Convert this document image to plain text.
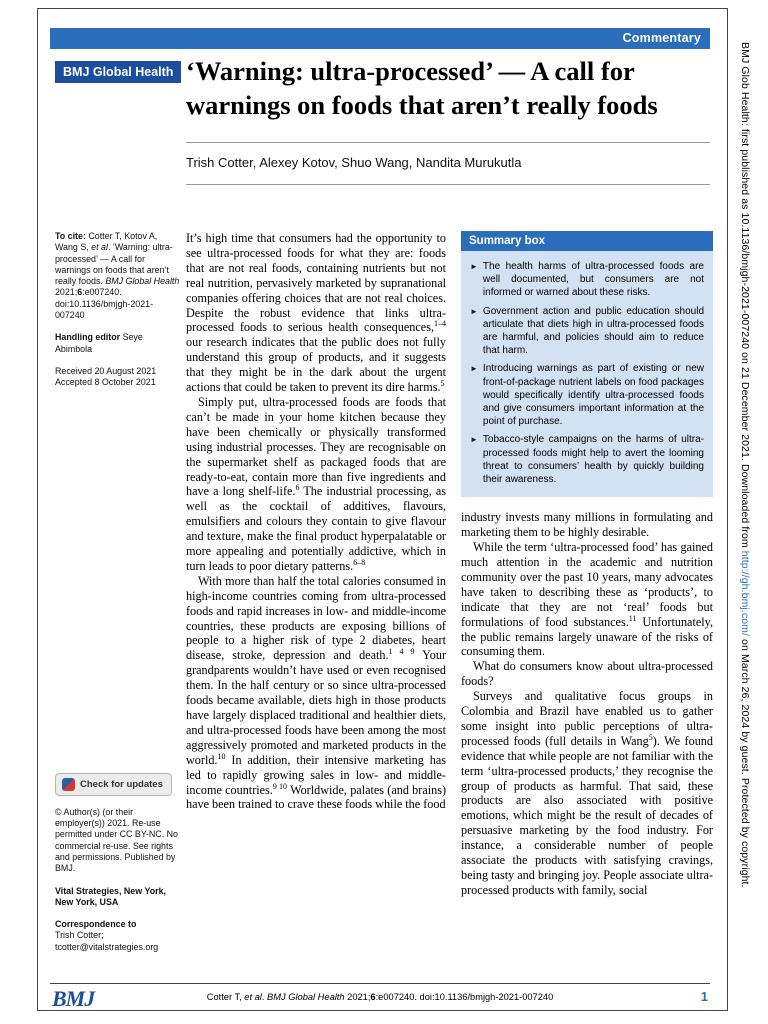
Commentary
BMJ Global Health ‘Warning: ultra-processed’ — A call for warnings on foods that aren’t really foods
Trish Cotter, Alexey Kotov, Shuo Wang, Nandita Murukutla
To cite: Cotter T, Kotov A, Wang S, et al. ‘Warning: ultra-processed’ — A call for warnings on foods that aren’t really foods. BMJ Global Health 2021;6:e007240. doi:10.1136/bmjgh-2021-007240
Handling editor Seye Abimbola
Received 20 August 2021
Accepted 8 October 2021
Check for updates
© Author(s) (or their employer(s)) 2021. Re-use permitted under CC BY-NC. No commercial re-use. See rights and permissions. Published by BMJ.
Vital Strategies, New York, New York, USA
Correspondence to
Trish Cotter;
tcotter@vitalstrategies.org

It’s high time that consumers had the opportunity to see ultra-processed foods for what they are: foods that are not real foods, containing nutrients but not real nutrition, pervasively marketed by supranational companies offering choices that are not real choices. Despite the robust evidence that links ultra-processed foods to serious health consequences,$^{1-4}$ our research indicates that the public does not fully understand this group of products, and it suggests that they might be in the dark about the urgent actions that could be taken to prevent its dire harms.$^5$

Simply put, ultra-processed foods are foods that can’t be made in your home kitchen because they have been chemically or physically transformed using industrial processes. They are recognisable on the supermarket shelf as packaged foods that are ready-to-eat, contain more than five ingredients and have a long shelf-life.$^6$ The industrial processing, as well as the cocktail of additives, flavours, emulsifiers and colours they contain to give flavour and texture, make the final product hyperpalatable or more appealing and potentially addictive, which in turn leads to poor dietary patterns.$^{6-8}$

With more than half the total calories consumed in high-income countries coming from ultra-processed foods and rapid increases in low- and middle-income countries, these products are exposing billions of people to a higher risk of type 2 diabetes, heart disease, stroke, depression and death.$^{1 4 9}$ Your grandparents wouldn’t have used or even recognised them. In the half century or so since ultra-processed foods became available, diets high in those products have largely displaced traditional and healthier diets, and ultra-processed foods have been among the most aggressively promoted and marketed products in the world.$^{10}$ In addition, their intensive marketing has led to rapidly growing sales in low- and middle-income countries.$^{9 10}$ Worldwide, palates (and brains) have been trained to crave these foods while the food

Summary box
► The health harms of ultra-processed foods are well documented, but consumers are not informed or warned about these risks.
► Government action and public education should articulate that diets high in ultra-processed foods are harmful, and policies should aim to reduce that harm.
► Introducing warnings as part of existing or new front-of-package nutrient labels on food packages would specifically identify ultra-processed foods and give consumers important information at the point of purchase.
► Tobacco-style campaigns on the harms of ultra-processed foods might help to avert the looming threat to consumers’ health by quickly building their awareness.

industry invests many millions in formulating and marketing them to be highly desirable.

While the term ‘ultra-processed food’ has gained much attention in the academic and nutrition community over the past 10 years, many advocates have taken to describing these as ‘products’, to indicate that they are not ‘real’ foods but formulations of food substances.$^{11}$ Unfortunately, the public remains largely unaware of the risks of consuming them.

What do consumers know about ultra-processed foods?

Surveys and qualitative focus groups in Colombia and Brazil have enabled us to gather some insight into public perceptions of ultra-processed foods (full details in Wang$^5$). We found evidence that while people are not familiar with the term ‘ultra-processed products,’ they recognise the group of products as harmful. That said, these products are also associated with positive emotions, which might be the result of decades of persuasive marketing by the food industry. For instance, a considerable number of people associate the products with satisfying cravings, being tasty and bringing joy. People associate ultra-processed products with family, social

BMJ	Cotter T, et al. BMJ Global Health 2021;6:e007240. doi:10.1136/bmjgh-2021-007240	1
BMJ Glob Health: first published as 10.1136/bmjgh-2021-007240 on 21 December 2021. Downloaded from http://gh.bmj.com/ on March 26, 2024 by guest. Protected by copyright.
